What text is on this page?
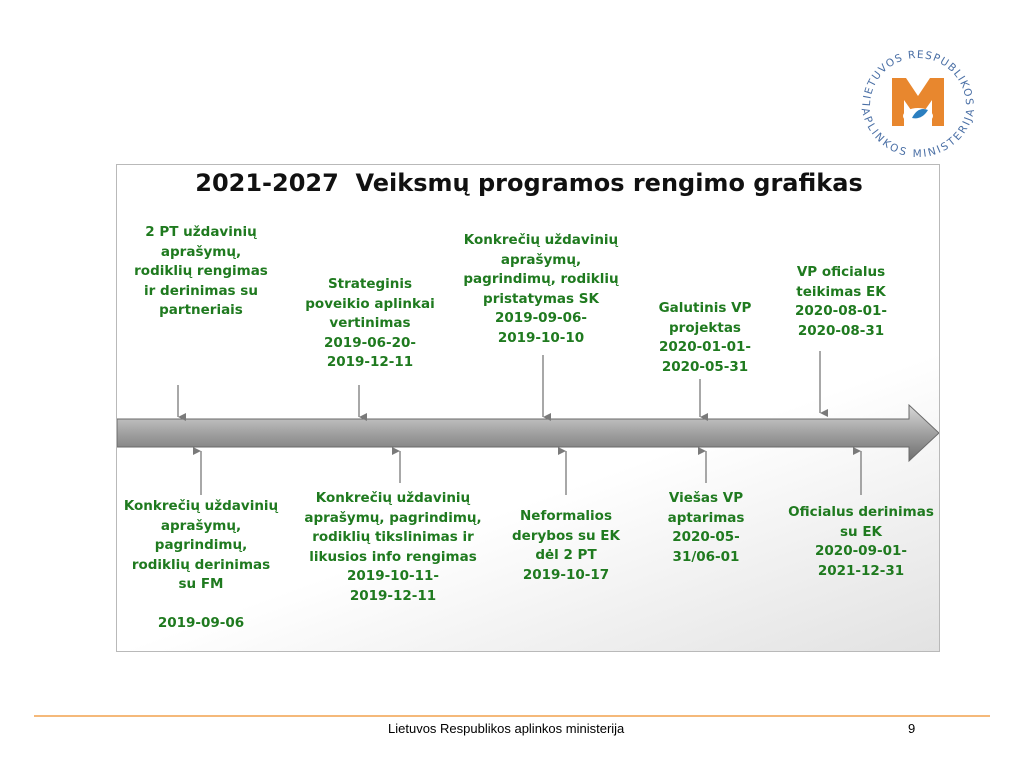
LIETUVOS RESPUBLIKOS
APLINKOS MINISTERIJA
2021-2027  Veiksmų programos rengimo grafikas
2 PT uždavinių
aprašymų,
rodiklių rengimas
ir derinimas su
partneriais
Strateginis
poveikio aplinkai
vertinimas
2019-06-20-
2019-12-11
Konkrečių uždavinių
aprašymų,
pagrindimų, rodiklių
pristatymas SK
2019-09-06-
2019-10-10
Galutinis VP
projektas
2020-01-01-
2020-05-31
VP oficialus
teikimas EK
2020-08-01-
2020-08-31
Konkrečių uždavinių
aprašymų,
pagrindimų,
rodiklių derinimas
su FM

2019-09-06
Konkrečių uždavinių
aprašymų, pagrindimų,
rodiklių tikslinimas ir
likusios info rengimas
2019-10-11-
2019-12-11
Neformalios
derybos su EK
dėl 2 PT
2019-10-17
Viešas VP
aptarimas
2020-05-
31/06-01
Oficialus derinimas
su EK
2020-09-01-
2021-12-31
Lietuvos Respublikos aplinkos ministerija	9
